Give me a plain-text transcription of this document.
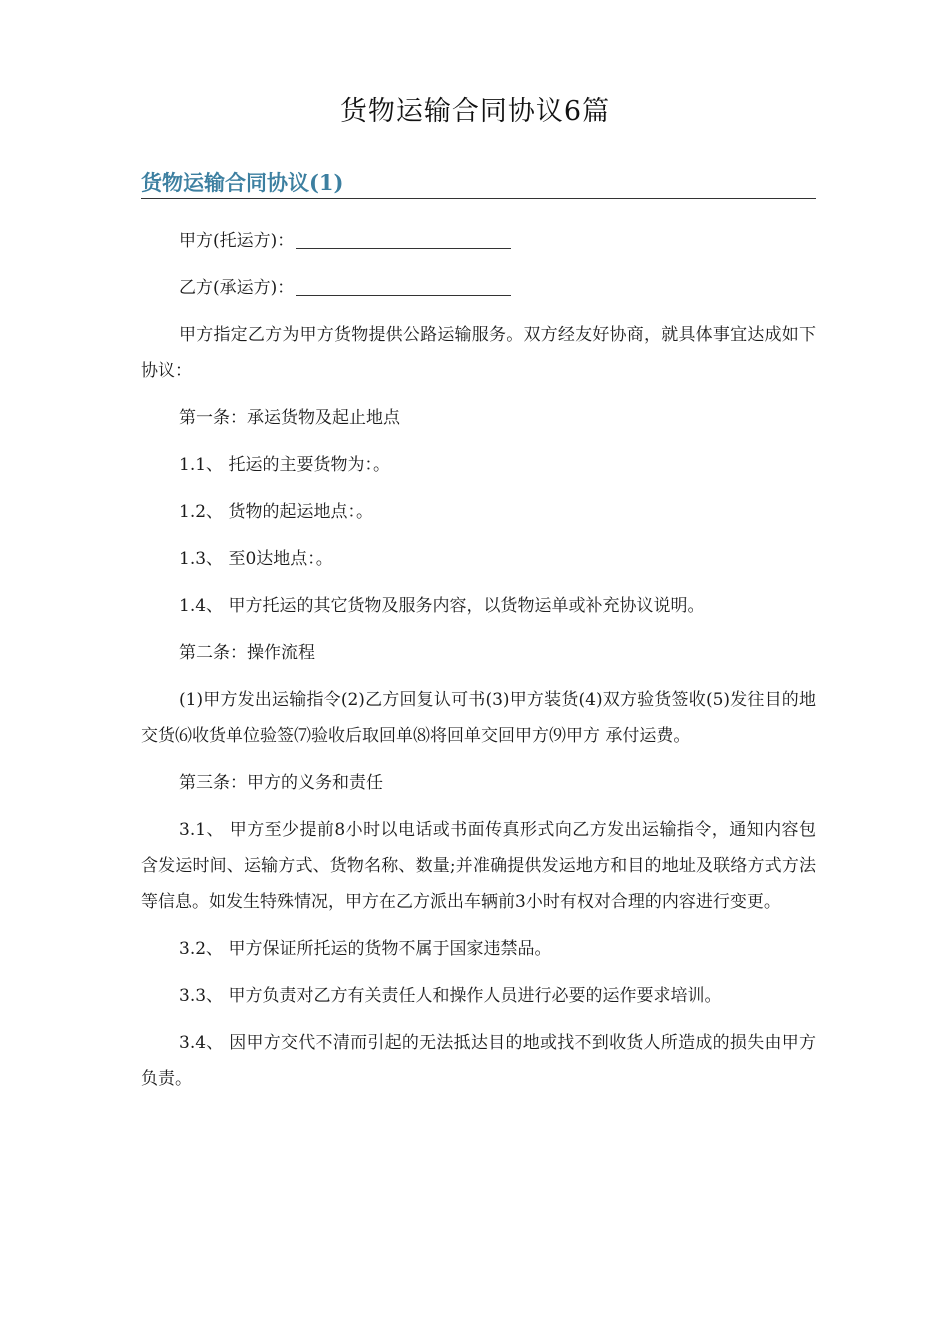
货物运输合同协议6篇
货物运输合同协议(1)

甲方(托运方)：

乙方(承运方)：

甲方指定乙方为甲方货物提供公路运输服务。双方经友好协商，就具体事宜达成如下协议：

第一条：承运货物及起止地点

1.1、 托运的主要货物为：。

1.2、 货物的起运地点：。

1.3、 至0达地点：。

1.4、 甲方托运的其它货物及服务内容，以货物运单或补充协议说明。

第二条：操作流程

(1)甲方发出运输指令(2)乙方回复认可书(3)甲方装货(4)双方验货签收(5)发往目的地交货⑹收货单位验签⑺验收后取回单⑻将回单交回甲方⑼甲方 承付运费。

第三条：甲方的义务和责任

3.1、 甲方至少提前8小时以电话或书面传真形式向乙方发出运输指令，通知内容包含发运时间、运输方式、货物名称、数量;并准确提供发运地方和目的地址及联络方式方法等信息。如发生特殊情况，甲方在乙方派出车辆前3小时有权对合理的内容进行变更。

3.2、 甲方保证所托运的货物不属于国家违禁品。

3.3、 甲方负责对乙方有关责任人和操作人员进行必要的运作要求培训。

3.4、 因甲方交代不清而引起的无法抵达目的地或找不到收货人所造成的损失由甲方负责。
